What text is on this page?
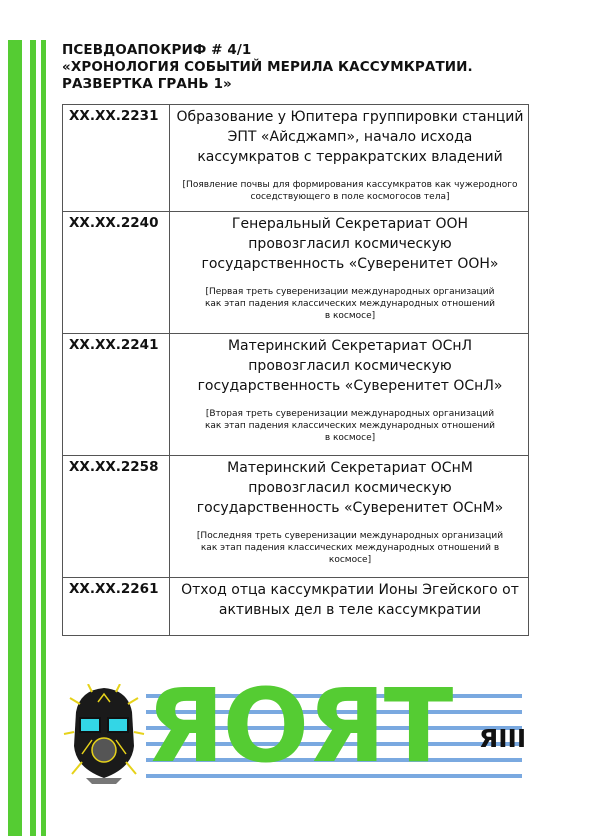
ПСЕВДОАПОКРИФ # 4/1
«ХРОНОЛОГИЯ СОБЫТИЙ МЕРИЛА КАССУМКРАТИИ.
РАЗВЕРТКА ГРАНЬ 1»
XX.XX.2231	Образование у Юпитера группировки станций ЭПТ «Айсджамп», начало исхода кассумкратов с терракратских владений
[Появление почвы для формирования кассумкратов как чужеродного соседствующего в поле космогосов тела]

XX.XX.2240	Генеральный Секретариат ООН провозгласил космическую государственность «Суверенитет ООН»
[Первая треть суверенизации международных организаций как этап падения классических международных отношений в космосе]

XX.XX.2241	Материнский Секретариат ОСнЛ провозгласил космическую государственность «Суверенитет ОСнЛ»
[Вторая треть суверенизации международных организаций как этап падения классических международных отношений в космосе]

XX.XX.2258	Материнский Секретариат ОСнМ провозгласил космическую государственность «Суверенитет ОСнМ»
[Последняя треть суверенизации международных организаций как этап падения классических международных отношений в космосе]

XX.XX.2261	Отход отца кассумкратии Ионы Эгейского от активных дел в теле кассумкратии
ЯОЯТ ЯIII
